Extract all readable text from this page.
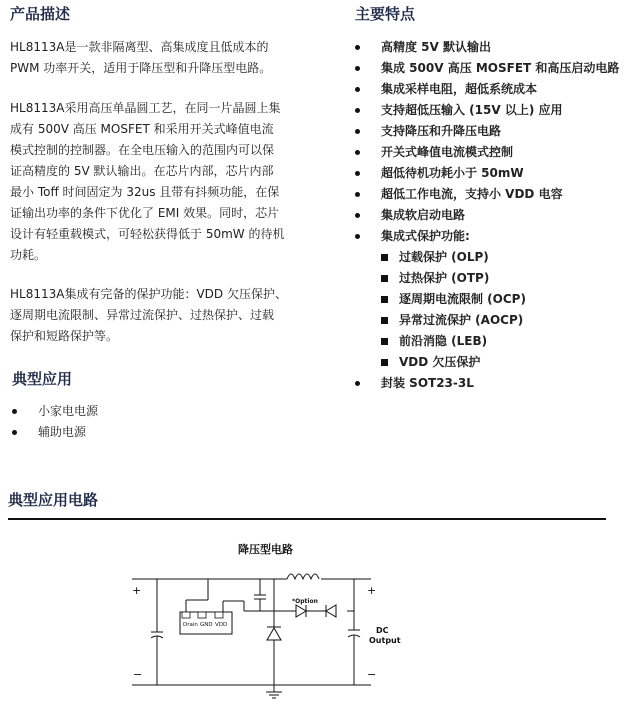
产品描述	主要特点
HL8113A是一款非隔离型、高集成度且低成本的
PWM 功率开关，适用于降压型和升降压型电路。
HL8113A采用高压单晶圆工艺，在同一片晶圆上集
成有 500V 高压 MOSFET 和采用开关式峰值电流
模式控制的控制器。在全电压输入的范围内可以保
证高精度的 5V 默认输出。在芯片内部，芯片内部
最小 Toff 时间固定为 32us 且带有抖频功能，在保
证输出功率的条件下优化了 EMI 效果。同时，芯片
设计有轻重载模式，可轻松获得低于 50mW 的待机
功耗。
HL8113A集成有完备的保护功能：VDD 欠压保护、
逐周期电流限制、异常过流保护、过热保护、过载
保护和短路保护等。
高精度 5V 默认输出
集成 500V 高压 MOSFET 和高压启动电路
集成采样电阻，超低系统成本
支持超低压输入 (15V 以上) 应用
支持降压和升降压电路
开关式峰值电流模式控制
超低待机功耗小于 50mW
超低工作电流，支持小 VDD 电容
集成软启动电路
集成式保护功能:
过载保护 (OLP)
过热保护 (OTP)
逐周期电流限制 (OCP)
异常过流保护 (AOCP)
前沿消隐 (LEB)
VDD 欠压保护
封装 SOT23-3L
典型应用
小家电电源
辅助电源
典型应用电路
Drain GND VDD
降压型电路
*Option
DC
Output
+
−
+
−
